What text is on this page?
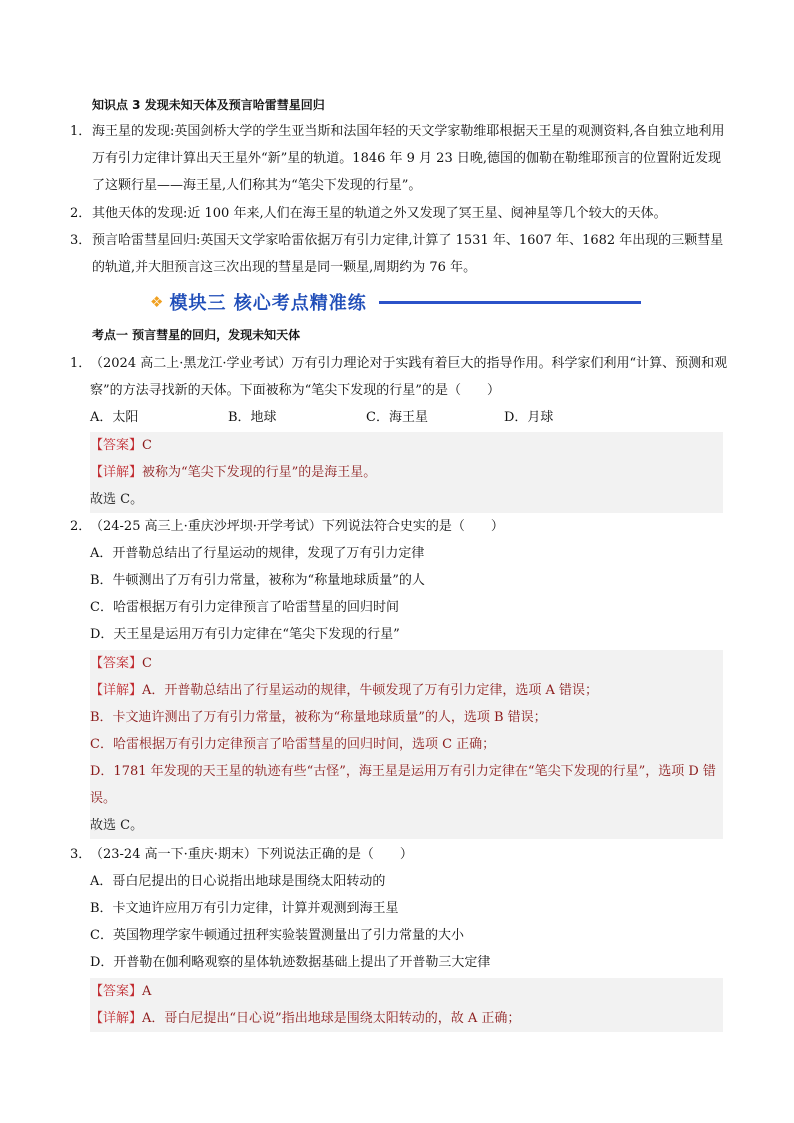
知识点 3 发现未知天体及预言哈雷彗星回归
1． 海王星的发现:英国剑桥大学的学生亚当斯和法国年轻的天文学家勒维耶根据天王星的观测资料,各自独立地利用万有引力定律计算出天王星外“新”星的轨道。1846 年 9 月 23 日晚,德国的伽勒在勒维耶预言的位置附近发现了这颗行星——海王星,人们称其为“笔尖下发现的行星”。
2． 其他天体的发现:近 100 年来,人们在海王星的轨道之外又发现了冥王星、阋神星等几个较大的天体。
3． 预言哈雷彗星回归:英国天文学家哈雷依据万有引力定律,计算了 1531 年、1607 年、1682 年出现的三颗彗星的轨道,并大胆预言这三次出现的彗星是同一颗星,周期约为 76 年。
❖ 模块三 核心考点精准练
考点一 预言彗星的回归，发现未知天体
1．
（2024 高二上·黑龙江·学业考试）万有引力理论对于实践有着巨大的指导作用。科学家们利用“计算、预测和观察”的方法寻找新的天体。下面被称为“笔尖下发现的行星”的是（　　）
A．太阳	B．地球	C．海王星	D．月球
【答案】C
【详解】被称为“笔尖下发现的行星”的是海王星。
故选 C。
2．
（24-25 高三上·重庆沙坪坝·开学考试）下列说法符合史实的是（　　）
A．开普勒总结出了行星运动的规律，发现了万有引力定律
B．牛顿测出了万有引力常量，被称为“称量地球质量”的人
C．哈雷根据万有引力定律预言了哈雷彗星的回归时间
D．天王星是运用万有引力定律在“笔尖下发现的行星”
【答案】C
【详解】A．开普勒总结出了行星运动的规律，牛顿发现了万有引力定律，选项 A 错误；
B．卡文迪许测出了万有引力常量，被称为“称量地球质量”的人，选项 B 错误；
C．哈雷根据万有引力定律预言了哈雷彗星的回归时间，选项 C 正确；
D．1781 年发现的天王星的轨迹有些“古怪”，海王星是运用万有引力定律在“笔尖下发现的行星”，选项 D 错误。
故选 C。
3．
（23-24 高一下·重庆·期末）下列说法正确的是（　　）
A．哥白尼提出的日心说指出地球是围绕太阳转动的
B．卡文迪许应用万有引力定律，计算并观测到海王星
C．英国物理学家牛顿通过扭秤实验装置测量出了引力常量的大小
D．开普勒在伽利略观察的星体轨迹数据基础上提出了开普勒三大定律
【答案】A
【详解】A．哥白尼提出“日心说”指出地球是围绕太阳转动的，故 A 正确；
